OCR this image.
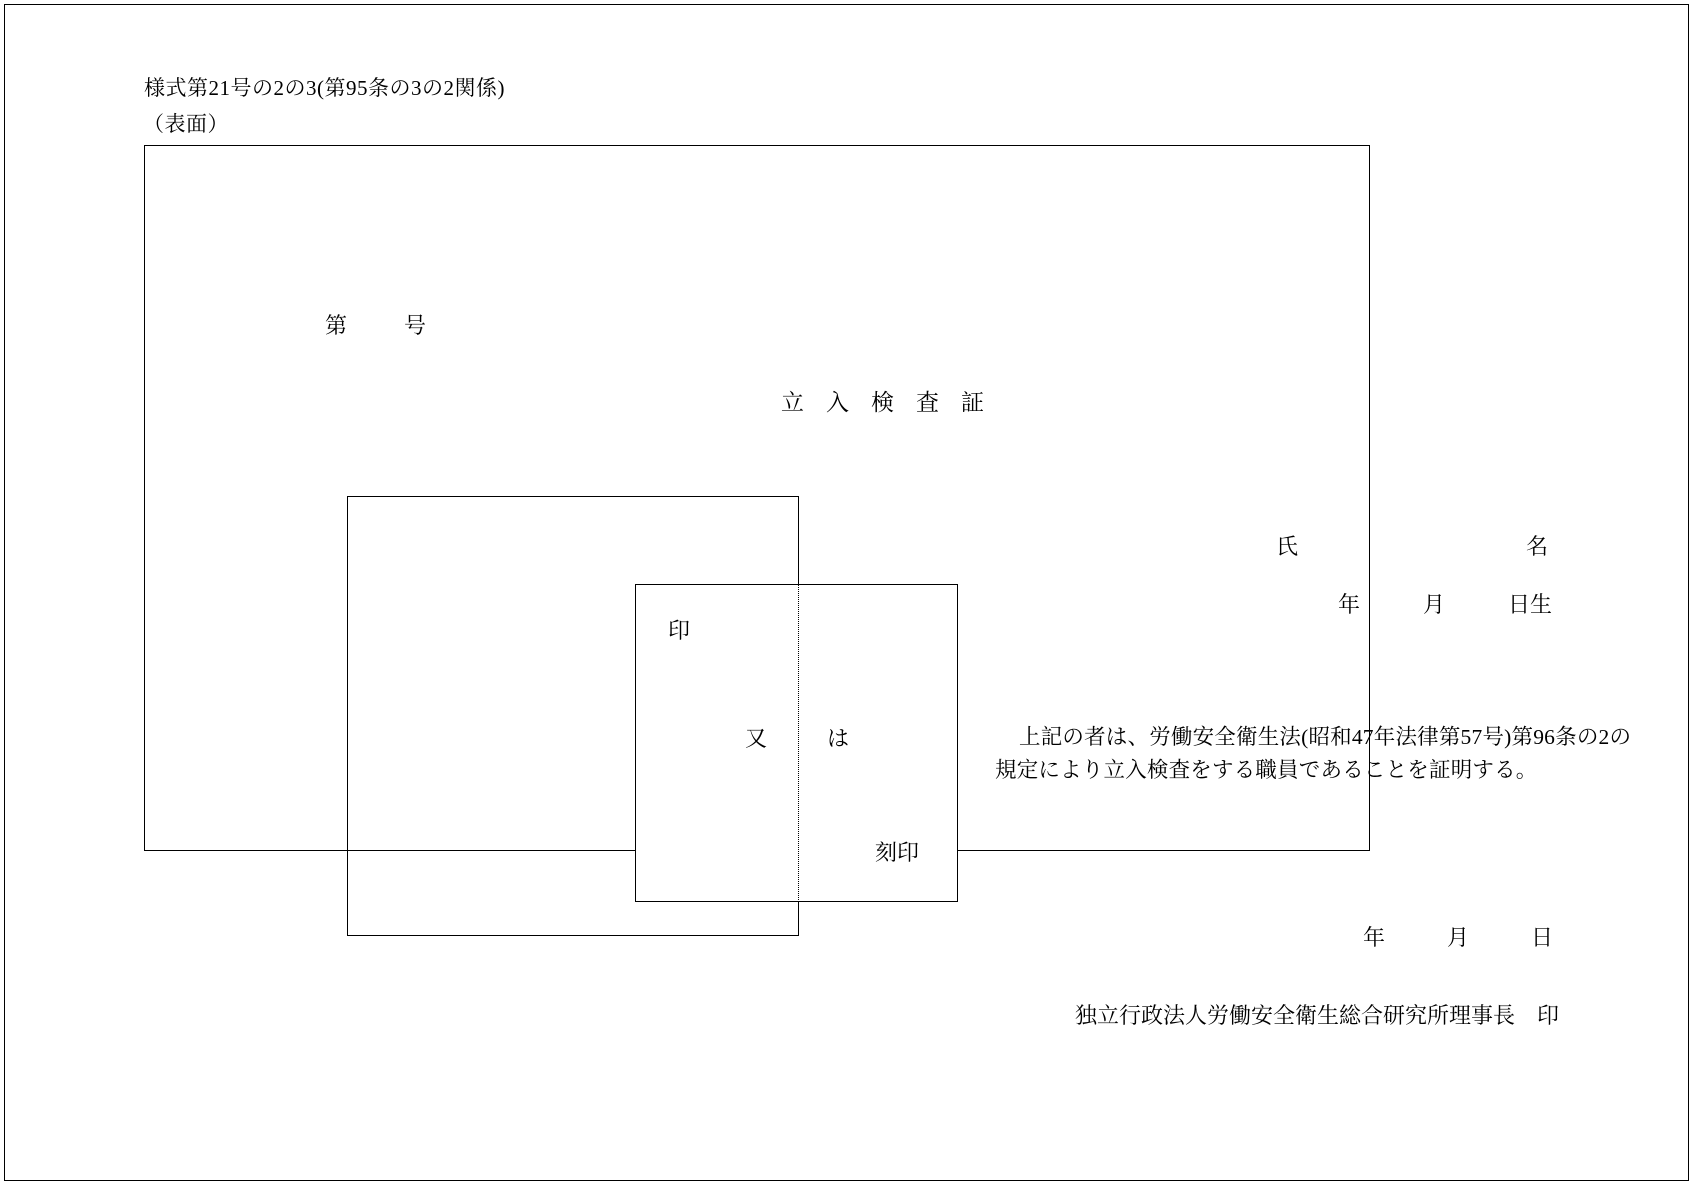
様式第21号の2の3(第95条の3の2関係)
（表面）
第	号
立入検査証
印
又	は
刻印
氏	名
年	月	日生

上記の者は、労働安全衛生法(昭和47年法律第57号)第96条の2の

規定により立入検査をする職員であることを証明する。

年	月	日
独立行政法人労働安全衛生総合研究所理事長 印
